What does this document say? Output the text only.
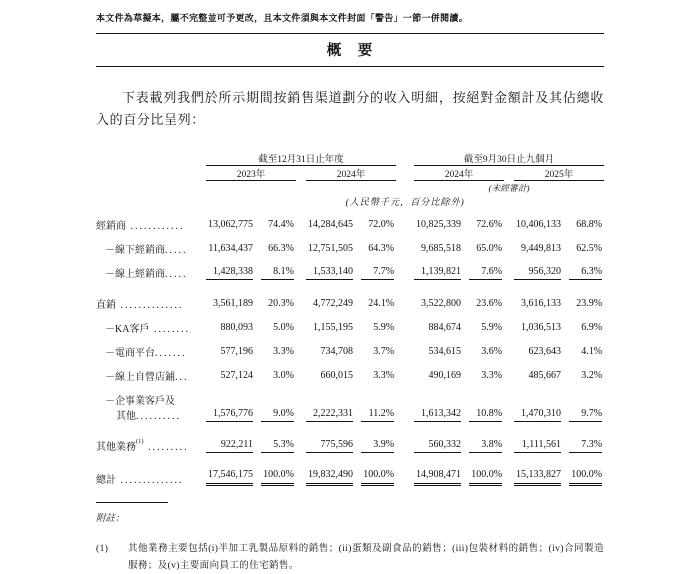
本文件為草擬本，屬不完整並可予更改，且本文件須與本文件封面「警告」一節一併閱讀。
概　要

下表載列我們於所示期間按銷售渠道劃分的收入明細，按絕對金額計及其佔總收入的百分比呈列：

	截至12月31日止年度						截至9月30日止九個月				
	2023年			2024年			2024年			2025年	
							(未經審計)				
	(人民幣千元，百分比除外)										
經銷商 ............	13,062,775	74.4%		14,284,645	72.0%		10,825,339	72.6%		10,406,133	68.8%
－線下經銷商.....	11,634,437	66.3%		12,751,505	64.3%		9,685,518	65.0%		9,449,813	62.5%
－線上經銷商.....	1,428,338	8.1%		1,533,140	7.7%		1,139,821	7.6%		956,320	6.3%
直銷 ..............	3,561,189	20.3%		4,772,249	24.1%		3,522,800	23.6%		3,616,133	23.9%
－KA客戶 ........	880,093	5.0%		1,155,195	5.9%		884,674	5.9%		1,036,513	6.9%
－電商平台.......	577,196	3.3%		734,708	3.7%		534,615	3.6%		623,643	4.1%
－線上自營店鋪...	527,124	3.0%		660,015	3.3%		490,169	3.3%		485,667	3.2%

－企事業客戶及
其他..........	1,576,776	9.0%		2,222,331	11.2%		1,613,342	10.8%		1,470,310	9.7%
其他業務$^{(1)}$ .........	922,211	5.3%		775,596	3.9%		560,332	3.8%		1,111,561	7.3%
總計 ..............	17,546,175	100.0%		19,832,490	100.0%		14,908,471	100.0%		15,133,827	100.0%
附註：
(1)	其他業務主要包括(i)半加工乳製品原料的銷售；(ii)蛋類及副食品的銷售；(iii)包裝材料的銷售；(iv)合同製造服務；及(v)主要面向員工的住宅銷售。
